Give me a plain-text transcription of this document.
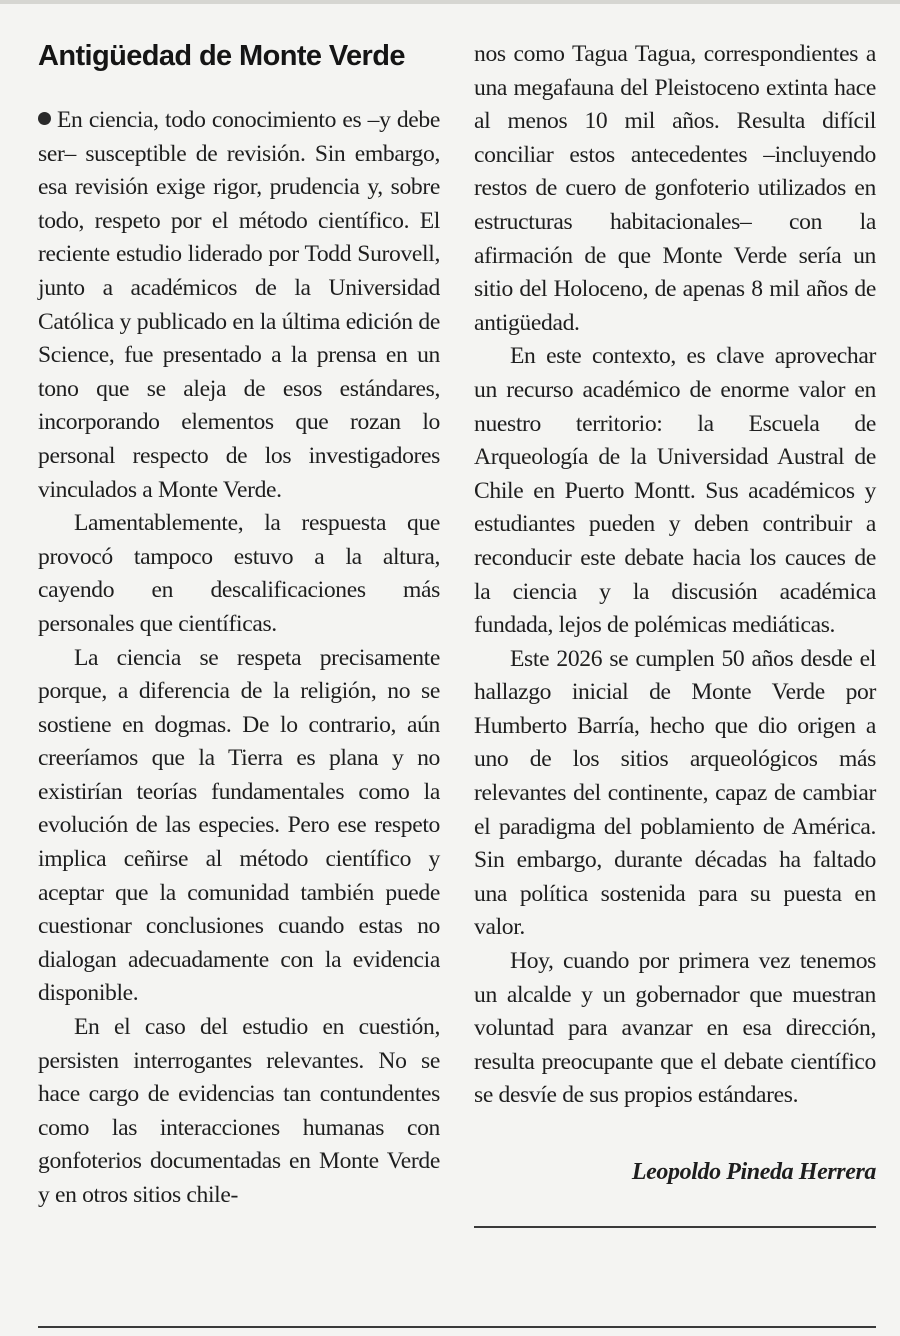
Antigüedad de Monte Verde

En ciencia, todo conocimiento es –y debe ser– susceptible de revisión. Sin embargo, esa revisión exige rigor, prudencia y, sobre todo, respeto por el método científico. El reciente estudio liderado por Todd Surovell, junto a académicos de la Universidad Católica y publicado en la última edición de Science, fue presentado a la prensa en un tono que se aleja de esos estándares, incorporando elementos que rozan lo personal respecto de los investigadores vinculados a Monte Verde.

Lamentablemente, la respuesta que provocó tampoco estuvo a la altura, cayendo en descalificaciones más personales que científicas.

La ciencia se respeta precisamente porque, a diferencia de la religión, no se sostiene en dogmas. De lo contrario, aún creeríamos que la Tierra es plana y no existirían teorías fundamentales como la evolución de las especies. Pero ese respeto implica ceñirse al método científico y aceptar que la comunidad también puede cuestionar conclusiones cuando estas no dialogan adecuadamente con la evidencia disponible.

En el caso del estudio en cuestión, persisten interrogantes relevantes. No se hace cargo de evidencias tan contundentes como las interacciones humanas con gonfoterios documentadas en Monte Verde y en otros sitios chile-

nos como Tagua Tagua, correspondientes a una megafauna del Pleistoceno extinta hace al menos 10 mil años. Resulta difícil conciliar estos antecedentes –incluyendo restos de cuero de gonfoterio utilizados en estructuras habitacionales– con la afirmación de que Monte Verde sería un sitio del Holoceno, de apenas 8 mil años de antigüedad.

En este contexto, es clave aprovechar un recurso académico de enorme valor en nuestro territorio: la Escuela de Arqueología de la Universidad Austral de Chile en Puerto Montt. Sus académicos y estudiantes pueden y deben contribuir a reconducir este debate hacia los cauces de la ciencia y la discusión académica fundada, lejos de polémicas mediáticas.

Este 2026 se cumplen 50 años desde el hallazgo inicial de Monte Verde por Humberto Barría, hecho que dio origen a uno de los sitios arqueológicos más relevantes del continente, capaz de cambiar el paradigma del poblamiento de América. Sin embargo, durante décadas ha faltado una política sostenida para su puesta en valor.

Hoy, cuando por primera vez tenemos un alcalde y un gobernador que muestran voluntad para avanzar en esa dirección, resulta preocupante que el debate científico se desvíe de sus propios estándares.

Leopoldo Pineda Herrera
